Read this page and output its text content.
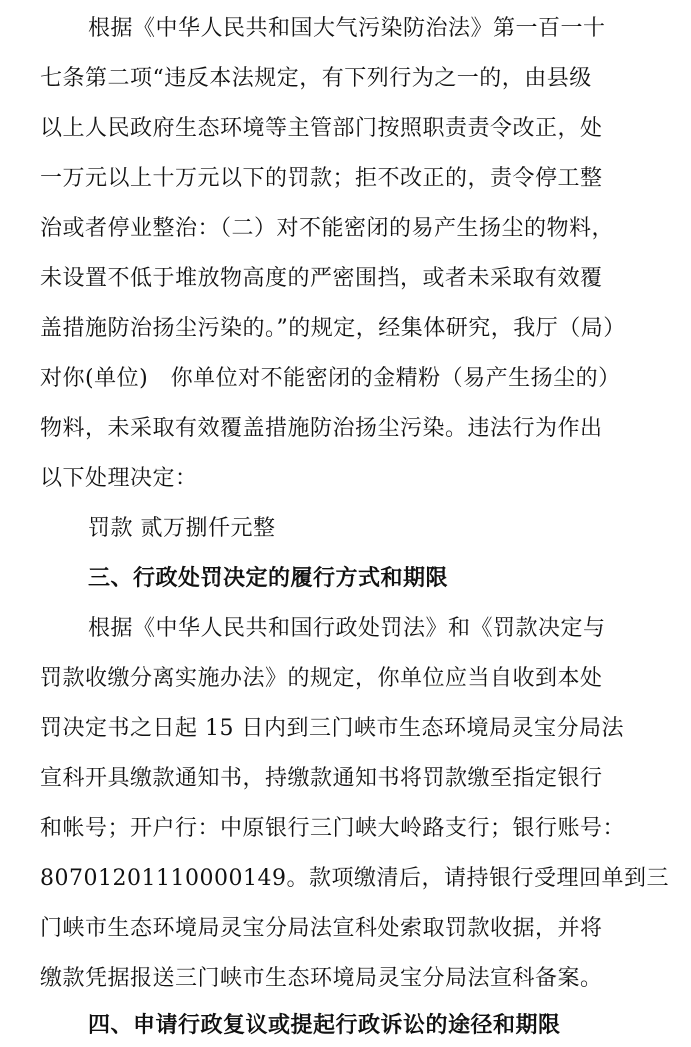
根据《中华人民共和国大气污染防治法》第一百一十
七条第二项“违反本法规定，有下列行为之一的，由县级
以上人民政府生态环境等主管部门按照职责责令改正，处
一万元以上十万元以下的罚款；拒不改正的，责令停工整
治或者停业整治：（二）对不能密闭的易产生扬尘的物料，
未设置不低于堆放物高度的严密围挡，或者未采取有效覆
盖措施防治扬尘污染的。”的规定，经集体研究，我厅（局）
对你(单位)　你单位对不能密闭的金精粉（易产生扬尘的）
物料，未采取有效覆盖措施防治扬尘污染。违法行为作出
以下处理决定：
罚款 贰万捌仟元整
三、行政处罚决定的履行方式和期限
根据《中华人民共和国行政处罚法》和《罚款决定与
罚款收缴分离实施办法》的规定，你单位应当自收到本处
罚决定书之日起 15 日内到三门峡市生态环境局灵宝分局法
宣科开具缴款通知书，持缴款通知书将罚款缴至指定银行
和帐号；开户行：中原银行三门峡大岭路支行；银行账号：
80701201110000149。款项缴清后，请持银行受理回单到三
门峡市生态环境局灵宝分局法宣科处索取罚款收据，并将
缴款凭据报送三门峡市生态环境局灵宝分局法宣科备案。
四、申请行政复议或提起行政诉讼的途径和期限
